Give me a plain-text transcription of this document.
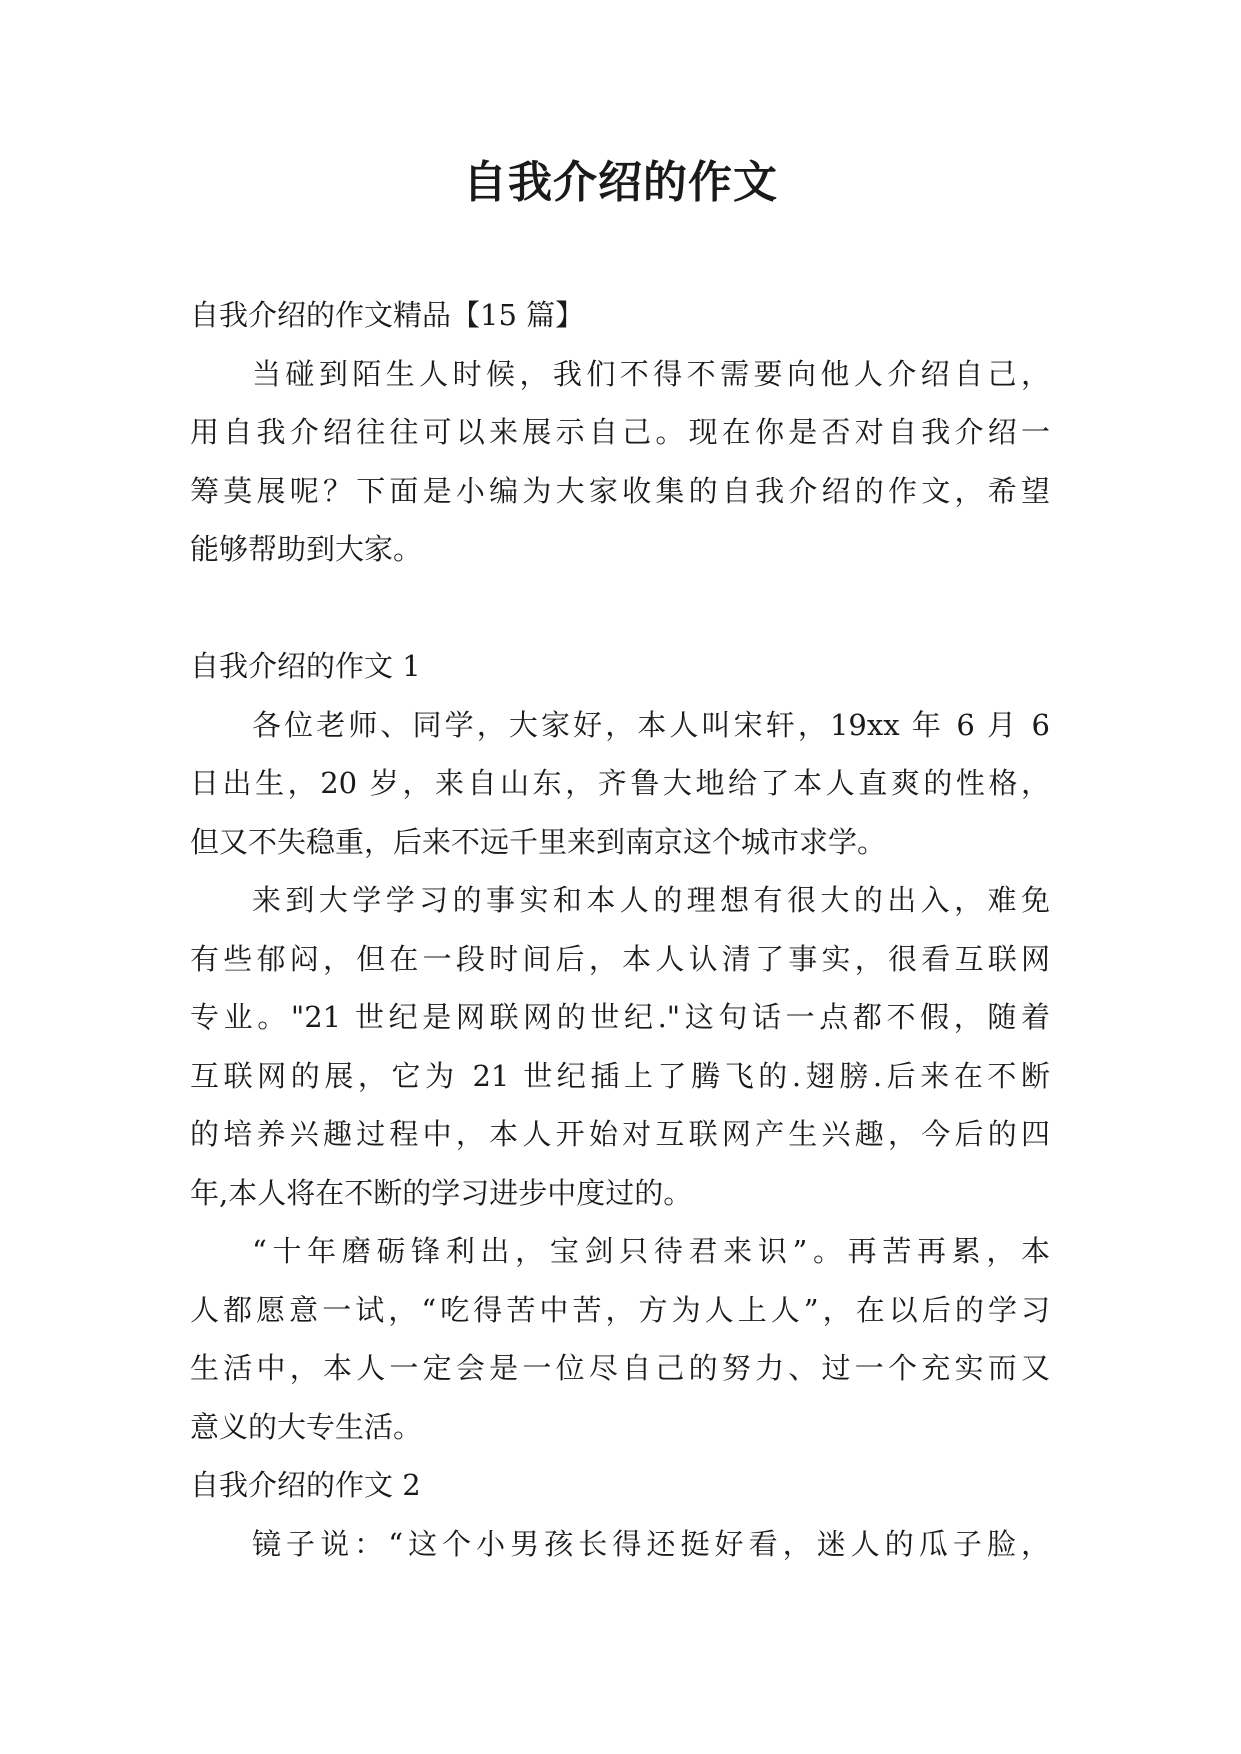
自我介绍的作文
自我介绍的作文精品【15 篇】
当碰到陌生人时候，我们不得不需要向他人介绍自己，
用自我介绍往往可以来展示自己。现在你是否对自我介绍一
筹莫展呢？下面是小编为大家收集的自我介绍的作文，希望
能够帮助到大家。
自我介绍的作文 1
各位老师、同学，大家好，本人叫宋轩，19xx 年 6 月 6
日出生，20 岁，来自山东，齐鲁大地给了本人直爽的性格，
但又不失稳重，后来不远千里来到南京这个城市求学。
来到大学学习的事实和本人的理想有很大的出入，难免
有些郁闷，但在一段时间后，本人认清了事实，很看互联网
专业。"21 世纪是网联网的世纪."这句话一点都不假，随着
互联网的展，它为 21 世纪插上了腾飞的.翅膀.后来在不断
的培养兴趣过程中，本人开始对互联网产生兴趣，今后的四
年,本人将在不断的学习进步中度过的。
“十年磨砺锋利出，宝剑只待君来识”。再苦再累，本
人都愿意一试，“吃得苦中苦，方为人上人”，在以后的学习
生活中，本人一定会是一位尽自己的努力、过一个充实而又
意义的大专生活。
自我介绍的作文 2
镜子说：“这个小男孩长得还挺好看，迷人的瓜子脸，
